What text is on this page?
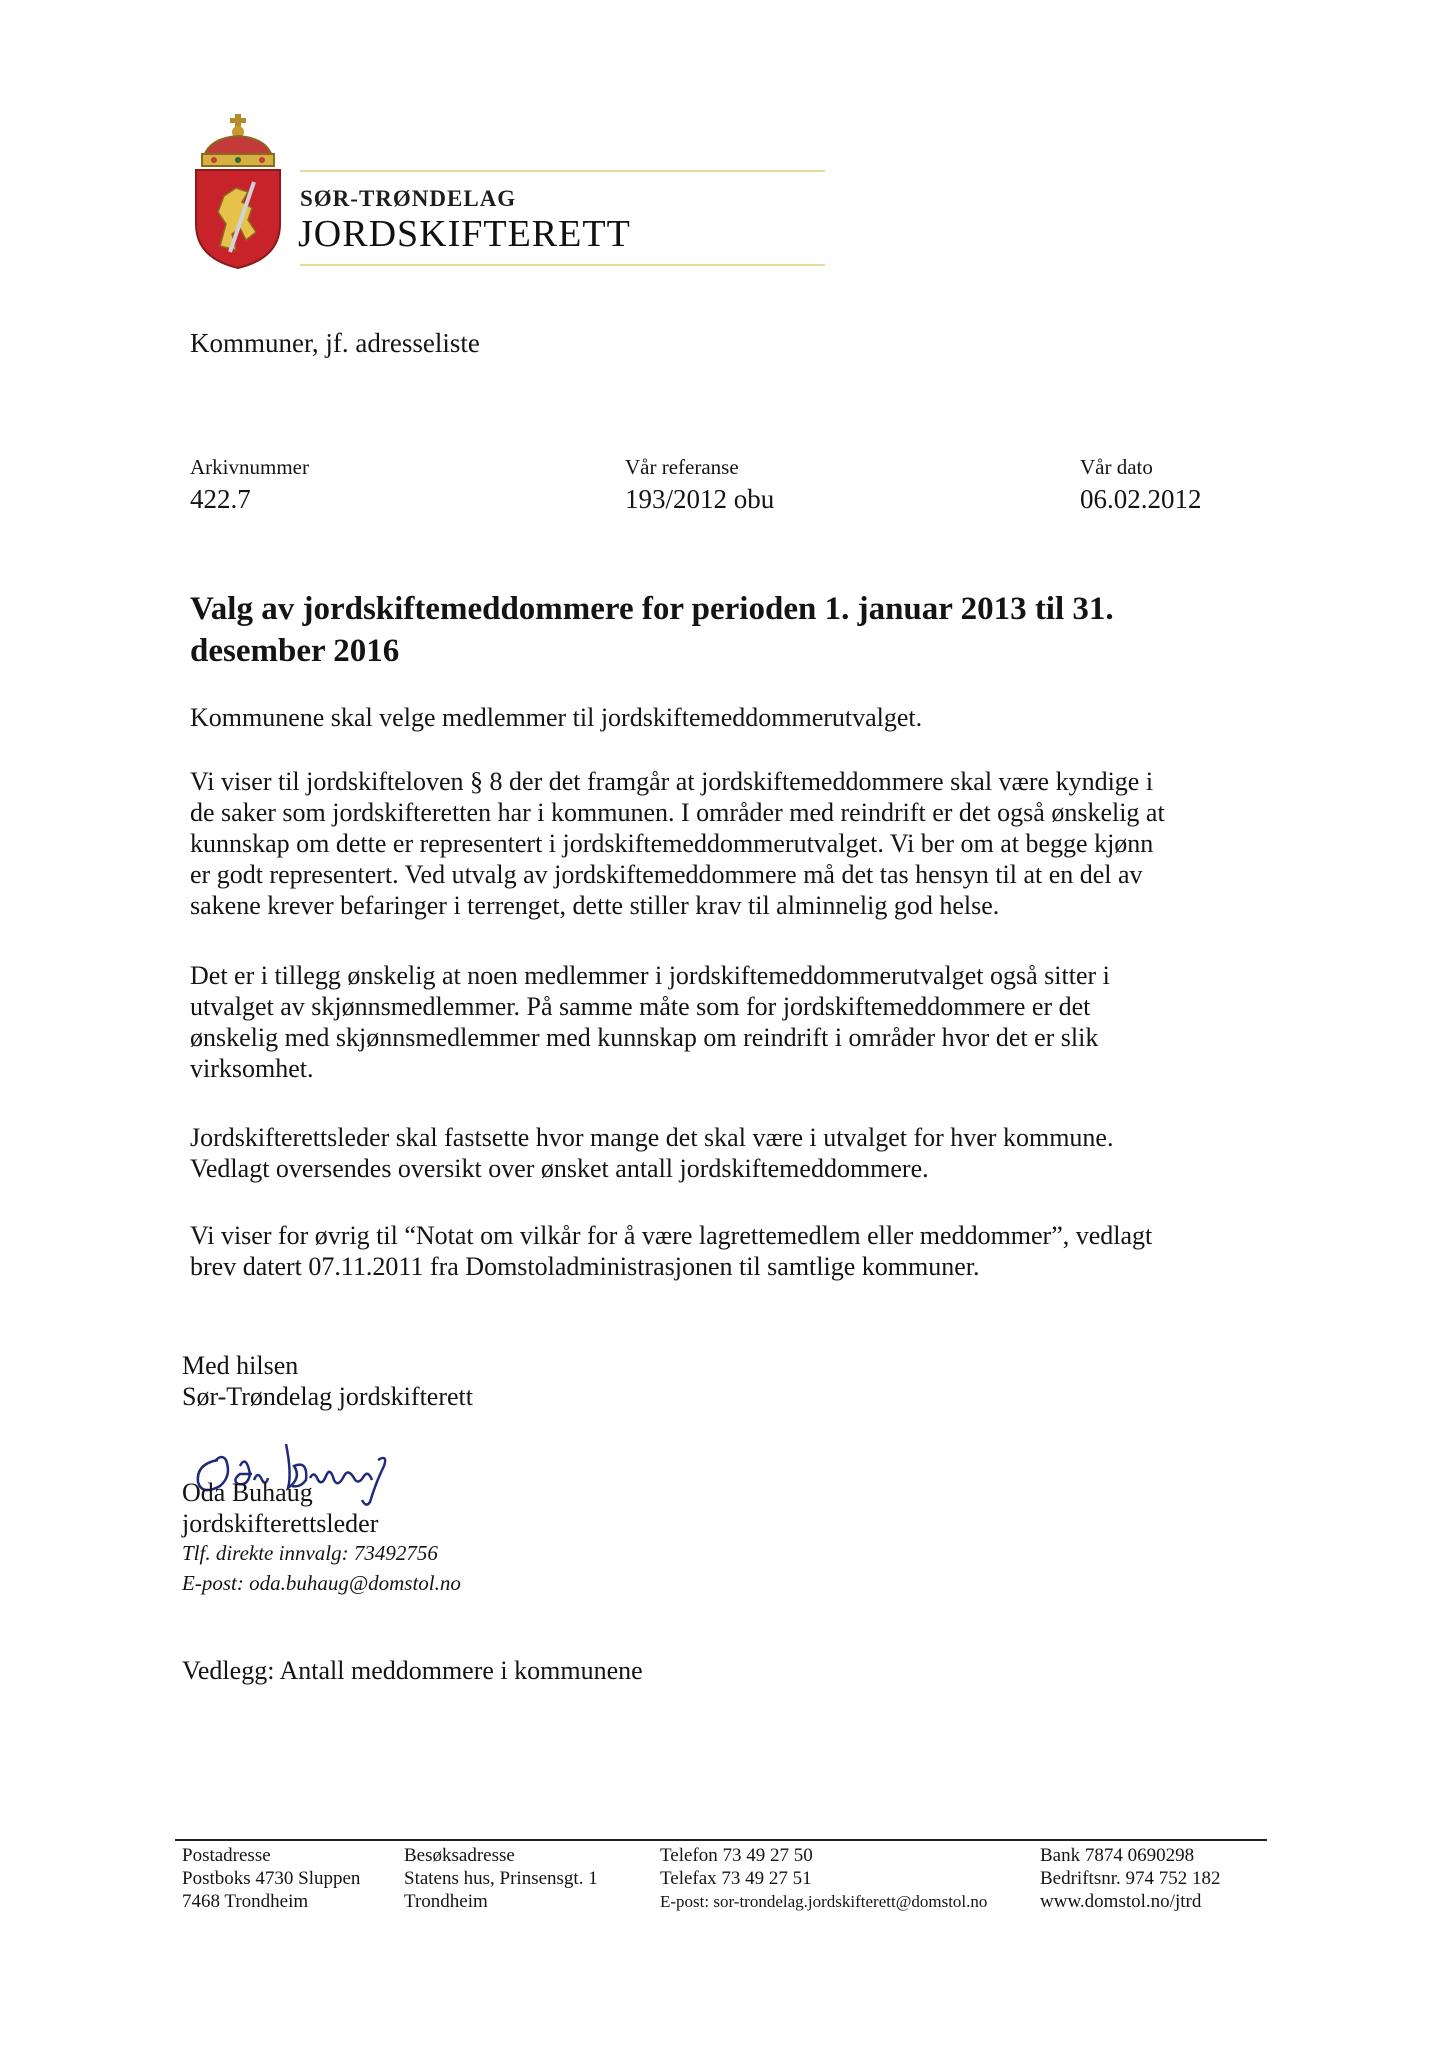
SØR-TRØNDELAG
JORDSKIFTERETT
Kommuner, jf. adresseliste
Arkivnummer
422.7
Vår referanse
193/2012 obu
Vår dato
06.02.2012
Valg av jordskiftemeddommere for perioden 1. januar 2013 til 31.
desember 2016
Kommunene skal velge medlemmer til jordskiftemeddommerutvalget.
Vi viser til jordskifteloven § 8 der det framgår at jordskiftemeddommere skal være kyndige i
de saker som jordskifteretten har i kommunen. I områder med reindrift er det også ønskelig at
kunnskap om dette er representert i jordskiftemeddommerutvalget. Vi ber om at begge kjønn
er godt representert. Ved utvalg av jordskiftemeddommere må det tas hensyn til at en del av
sakene krever befaringer i terrenget, dette stiller krav til alminnelig god helse.
Det er i tillegg ønskelig at noen medlemmer i jordskiftemeddommerutvalget også sitter i
utvalget av skjønnsmedlemmer. På samme måte som for jordskiftemeddommere er det
ønskelig med skjønnsmedlemmer med kunnskap om reindrift i områder hvor det er slik
virksomhet.
Jordskifterettsleder skal fastsette hvor mange det skal være i utvalget for hver kommune.
Vedlagt oversendes oversikt over ønsket antall jordskiftemeddommere.
Vi viser for øvrig til “Notat om vilkår for å være lagrettemedlem eller meddommer”, vedlagt
brev datert 07.11.2011 fra Domstoladministrasjonen til samtlige kommuner.
Med hilsen
Sør-Trøndelag jordskifterett
Oda Buhaug
jordskifterettsleder
Tlf. direkte innvalg: 73492756
E-post: oda.buhaug@domstol.no
Vedlegg: Antall meddommere i kommunene
Postadresse
Postboks 4730 Sluppen
7468 Trondheim
Besøksadresse
Statens hus, Prinsensgt. 1
Trondheim
Telefon 73 49 27 50
Telefax 73 49 27 51
E-post: sor-trondelag.jordskifterett@domstol.no
Bank 7874 0690298
Bedriftsnr. 974 752 182
www.domstol.no/jtrd
